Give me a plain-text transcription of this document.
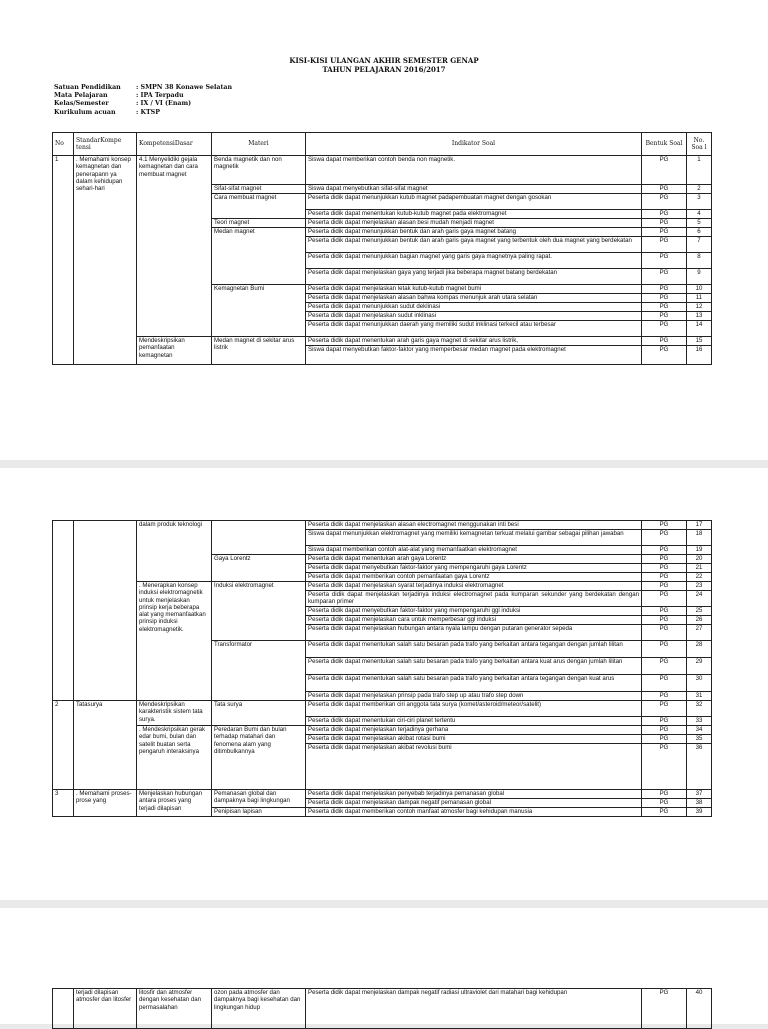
KISI-KISI ULANGAN AKHIR SEMESTER GENAP
TAHUN PELAJARAN 2016/2017
Satuan Pendidikan : SMPN 38 Konawe Selatan
Mata Pelajaran	: IPA Terpadu
Kelas/Semester	: IX / VI (Enam)
Kurikulum acuan	: KTSP
No	StandarKompe tensi	KompetensiDasar	Materi	Indikator Soal	Bentuk Soal	No. Soa l
1	. Memahami konsep kemagnetan dan penerapann ya dalam kehidupan sehari-hari	4.1 Menyelidiki gejala kemagnetan dan cara membuat magnet	Benda magnetik dan non magnetik	Siswa dapat memberikan contoh benda non magnetik.	PG	1
			Sifat-sifat magnet	Siswa dapat menyebutkan sifat-sifat magnet	PG	2
			Cara membuat magnet	Peserta didik dapat menunjukkan kutub magnet padapembuatan magnet dengan gosokan	PG	3
				Peserta didik dapat menentukan kutub-kutub magnet pada elektromagnet	PG	4
			Teori magnet	Peserta didik dapat menjelaskan alasan besi mudah menjadi magnet	PG	5
			Medan magnet	Peserta didik dapat menunjukkan bentuk dan arah garis gaya magnet batang	PG	6
				Peserta didik dapat menunjukkan bentuk dan arah garis gaya magnet yang terbentuk oleh dua magnet yang berdekatan	PG	7
				Peserta didik dapat menunjukkan bagian magnet yang garis gaya magnetnya paling rapat.	PG	8
				Peserta didik dapat menjelaskan gaya yang terjadi jika beberapa magnet batang berdekatan	PG	9
			Kemagnetan Bumi	Peserta didik dapat menjelaskan letak kutub-kutub magnet bumi	PG	10
				Peserta didik dapat menjelaskan alasan bahwa kompas menunjuk arah utara selatan	PG	11
				Peserta didik dapat menunjukkan sudut deklinasi	PG	12
				Peserta didik dapat menjelaskan sudut inklinasi	PG	13
				Peserta didik dapat menunjukkan daerah yang memiliki sudut inklinasi terkecil atau terbesar	PG	14
		Mendeskripsikan pemanfaatan kemagnetan	Medan magnet di sekitar arus listrik	Peserta didik dapat menentukan arah garis gaya magnet di sekitar arus listrik,	PG	15
				Siswa dapat menyebutkan faktor-faktor yang memperbesar medan magnet pada elektromagnet	PG	16
		dalam produk teknologi		Peserta didik dapat menjelaskan alasan electromagnet menggunakan inti besi	PG	17
				Siswa dapat menunjukkan elektromagnet yang memiliki kemagnetan terkuat melalui gambar sebagai pilihan jawaban	PG	18
				Siswa dapat memberikan contoh alat-alat yang memanfaatkan elektromagnet	PG	19
			Gaya Lorentz	Peserta didik dapat menentukan arah gaya Lorentz	PG	20
				Peserta didik dapat menyebutkan faktor-faktor yang mempengaruhi gaya Lorentz	PG	21
				Peserta didik dapat memberikan contoh pemanfaatan gaya Lorentz	PG	22
		. Menerapkan konsep induksi elektromagnetik untuk menjelaskan prinsip kerja beberapa alat yang memanfaatkan prinsip induksi elektromagnetik.	Induksi elektromagnet	Peserta didik dapat menjelaskan syarat terjadinya induksi elektromagnet	PG	23
				Peserta didik dapat menjelaskan terjadinya induksi electromagnet pada kumparan sekunder yang berdekatan dengan kumparan primer	PG	24
				Peserta didik dapat menyebutkan faktor-faktor yang mempengaruhi ggl induksi	PG	25
				Peserta didik dapat menjelaskan cara untuk memperbesar ggl induksi	PG	26
				Peserta didik dapat menjelaskan hubungan antara nyala lampu dengan putaran generator sepeda	PG	27
			Transformator	Peserta didik dapat menentukan salah satu besaran pada trafo yang berkaitan antara tegangan dengan jumlah lilitan	PG	28
				Peserta didik dapat menentukan salah satu besaran pada trafo yang berkaitan antara kuat arus dengan jumlah lilitan	PG	29
				Peserta didik dapat menentukan salah satu besaran pada trafo yang berkaitan antara tegangan dengan kuat arus	PG	30
				Peserta didik dapat menjelaskan prinsip pada trafo step up atau trafo step down	PG	31
2	Tatasurya	Mendeskripsikan karakteristik sistem tata surya.	Tata surya	Peserta didik dapat memberikan ciri anggota tata surya (komet/asteroid/meteor/satelit)	PG	32
				Peserta didik dapat menentukan ciri-ciri planet tertentu	PG	33
		. Mendeskripsikan gerak edar bumi, bulan dan satelit buatan serta pengaruh interaksinya	Peredaran Bumi dan bulan terhadap matahari dan fenomena alam yang ditimbulkannya	Peserta didik dapat menjelaskan terjadinya gerhana	PG	34
				Peserta didik dapat menjelaskan akibat rotasi bumi	PG	35
				Peserta didik dapat menjelaskan akibat revolusi bumi	PG	36
3	. Memahami proses-prose yang	Menjelaskan hubungan antara proses yang terjadi dilapisan	Pemanasan global dan dampaknya bagi lingkungan	Peserta didik dapat menjelaskan penyebab terjadinya pemanasan global	PG	37
				Peserta didik dapat menjelaskan dampak negatif pemanasan global	PG	38
			Penipisan lapisan	Peserta didik dapat memberikan contoh manfaat atmosfer bagi kehidupan manusia	PG	39
	terjadi dilapisan atmosfer dan litosfer	litosfir dan atmosfer dengan kesehatan dan permasalahan	ozon pada atmosfer dan dampaknya bagi kesehatan dan lingkungan hidup	Peserta didik dapat menjelaskan dampak negatif radiasi ultraviolet dari matahari bagi kehidupan	PG	40
